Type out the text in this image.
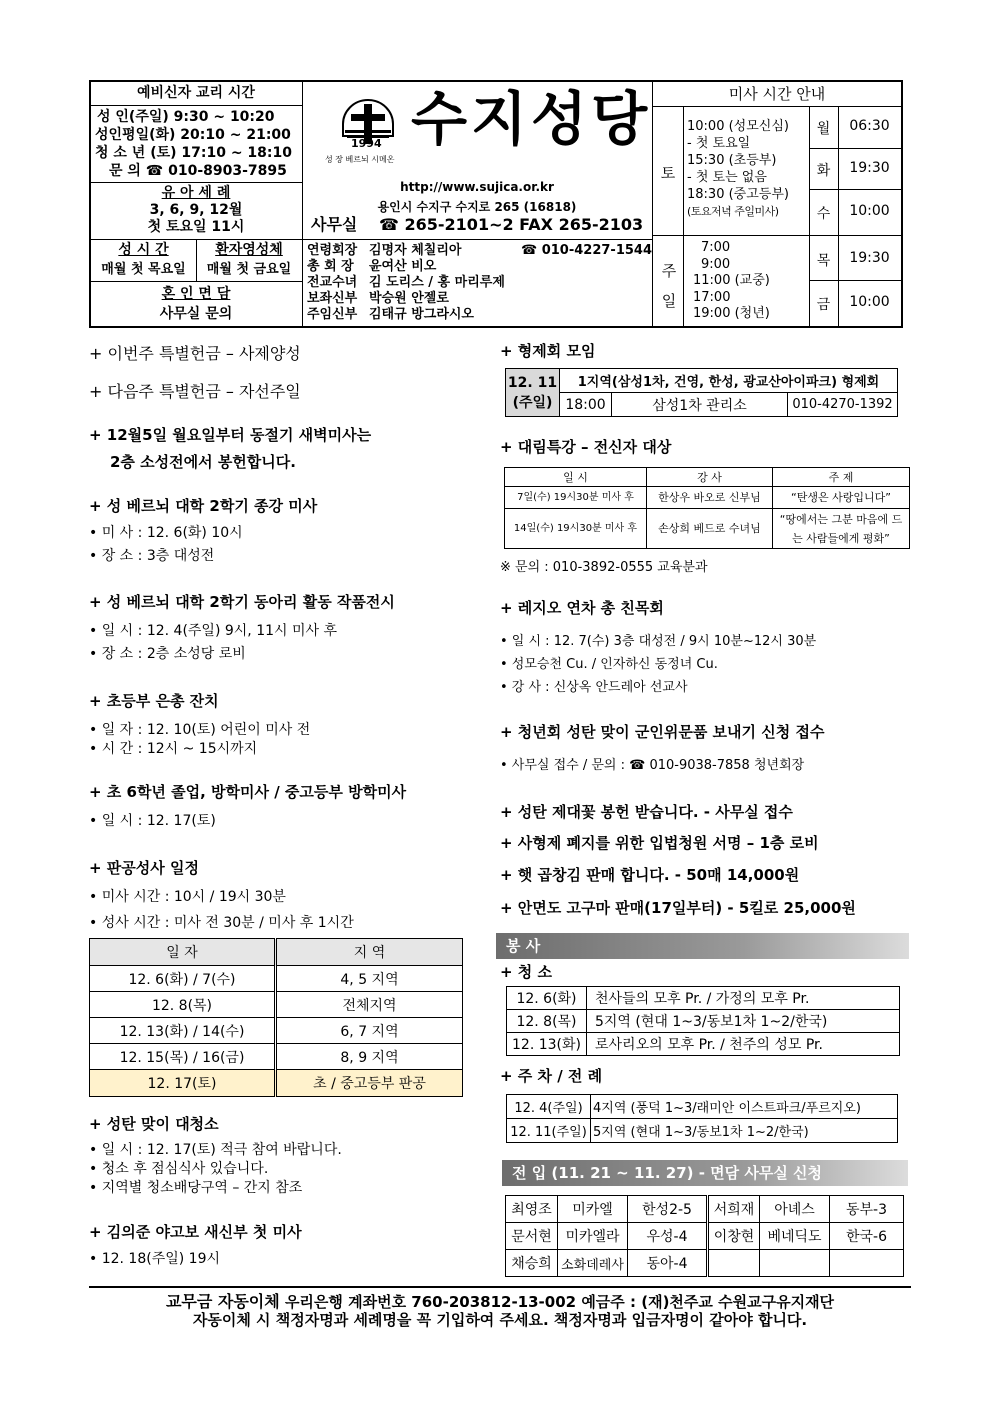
예비신자 교리 시간
성 인(주일) 9:30 ~ 10:20
성인평일(화) 20:10 ~ 21:00
청 소 년 (토) 17:10 ~ 18:10
문 의 ☎ 010-8903-7895
유 아 세 례
3, 6, 9, 12월
첫 토요일 11시
성 시 간
매월 첫 목요일
환자영성체
매월 첫 금요일
혼 인 면 담
사무실 문의
1994
성 장 베르뇌 시메온
수지성당
http://www.sujica.or.kr
용인시 수지구 수지로 265 (16818)
사무실 ☎ 265-2101~2 FAX 265-2103
연령회장 김명자 체칠리아	☎ 010-4227-1544
총 회 장 윤여산 비오
전교수녀 김 도리스 / 홍 마리루제
보좌신부 박승원 안젤로
주임신부 김태규 방그라시오
미사 시간 안내
토
10:00 (성모신심)
- 첫 토요일
15:30 (초등부)
- 첫 토는 없음
18:30 (중고등부)
(토요저녁 주일미사)
주일
7:00
9:00
11:00 (교중)
17:00
19:00 (청년)
월	06:30
화	19:30
수	10:00
목	19:30
금	10:00
+ 이번주 특별헌금 – 사제양성
+ 다음주 특별헌금 – 자선주일
+ 12월5일 월요일부터 동절기 새벽미사는
2층 소성전에서 봉헌합니다.
+ 성 베르뇌 대학 2학기 종강 미사
• 미 사 : 12. 6(화) 10시
• 장 소 : 3층 대성전
+ 성 베르뇌 대학 2학기 동아리 활동 작품전시
• 일 시 : 12. 4(주일) 9시, 11시 미사 후
• 장 소 : 2층 소성당 로비
+ 초등부 은총 잔치
• 일 자 : 12. 10(토) 어린이 미사 전
• 시 간 : 12시 ~ 15시까지
+ 초 6학년 졸업, 방학미사 / 중고등부 방학미사
• 일 시 : 12. 17(토)
+ 판공성사 일정
• 미사 시간 : 10시 / 19시 30분
• 성사 시간 : 미사 전 30분 / 미사 후 1시간
일 자	지 역
12. 6(화) / 7(수)	4, 5 지역
12. 8(목)	전체지역
12. 13(화) / 14(수)	6, 7 지역
12. 15(목) / 16(금)	8, 9 지역
12. 17(토)	초 / 중고등부 판공
+ 성탄 맞이 대청소
• 일 시 : 12. 17(토) 적극 참여 바랍니다.
• 청소 후 점심식사 있습니다.
• 지역별 청소배당구역 – 간지 참조
+ 김의준 야고보 새신부 첫 미사
• 12. 18(주일) 19시
+ 형제회 모임
12. 11
(주일)	1지역(삼성1차, 건영, 한성, 광교산아이파크) 형제회		
	18:00	삼성1차 관리소	010-4270-1392
+ 대림특강 – 전신자 대상
일 시	강 사	주 제
7일(수) 19시30분 미사 후	한상우 바오로 신부님	“탄생은 사랑입니다”
14일(수) 19시30분 미사 후	손상희 베드로 수녀님	“땅에서는 그분 마음에 드는 사람들에게 평화”
※ 문의 : 010-3892-0555 교육분과
+ 레지오 연차 총 친목회
• 일 시 : 12. 7(수) 3층 대성전 / 9시 10분~12시 30분
• 성모승천 Cu. / 인자하신 동정녀 Cu.
• 강 사 : 신상옥 안드레아 선교사
+ 청년회 성탄 맞이 군인위문품 보내기 신청 접수
• 사무실 접수 / 문의 : ☎ 010-9038-7858 청년회장
+ 성탄 제대꽃 봉헌 받습니다. - 사무실 접수
+ 사형제 폐지를 위한 입법청원 서명 – 1층 로비
+ 햇 곱창김 판매 합니다. - 50매 14,000원
+ 안면도 고구마 판매(17일부터) - 5킬로 25,000원
봉 사
+ 청 소
12. 6(화)	천사들의 모후 Pr. / 가정의 모후 Pr.
12. 8(목)	5지역 (현대 1~3/동보1차 1~2/한국)
12. 13(화)	로사리오의 모후 Pr. / 천주의 성모 Pr.
+ 주 차 / 전 례
12. 4(주일)	4지역 (풍덕 1~3/래미안 이스트파크/푸르지오)
12. 11(주일)	5지역 (현대 1~3/동보1차 1~2/한국)
전 입 (11. 21 ~ 11. 27) - 면담 사무실 신청
최영조	미카엘	한성2-5	서희재	아녜스	동부-3
문서현	미카엘라	우성-4	이창현	베네딕도	한국-6
채승희	소화데레사	동아-4			
교무금 자동이체 우리은행 계좌번호 760-203812-13-002 예금주 : (재)천주교 수원교구유지재단
자동이체 시 책정자명과 세례명을 꼭 기입하여 주세요. 책정자명과 입금자명이 같아야 합니다.
